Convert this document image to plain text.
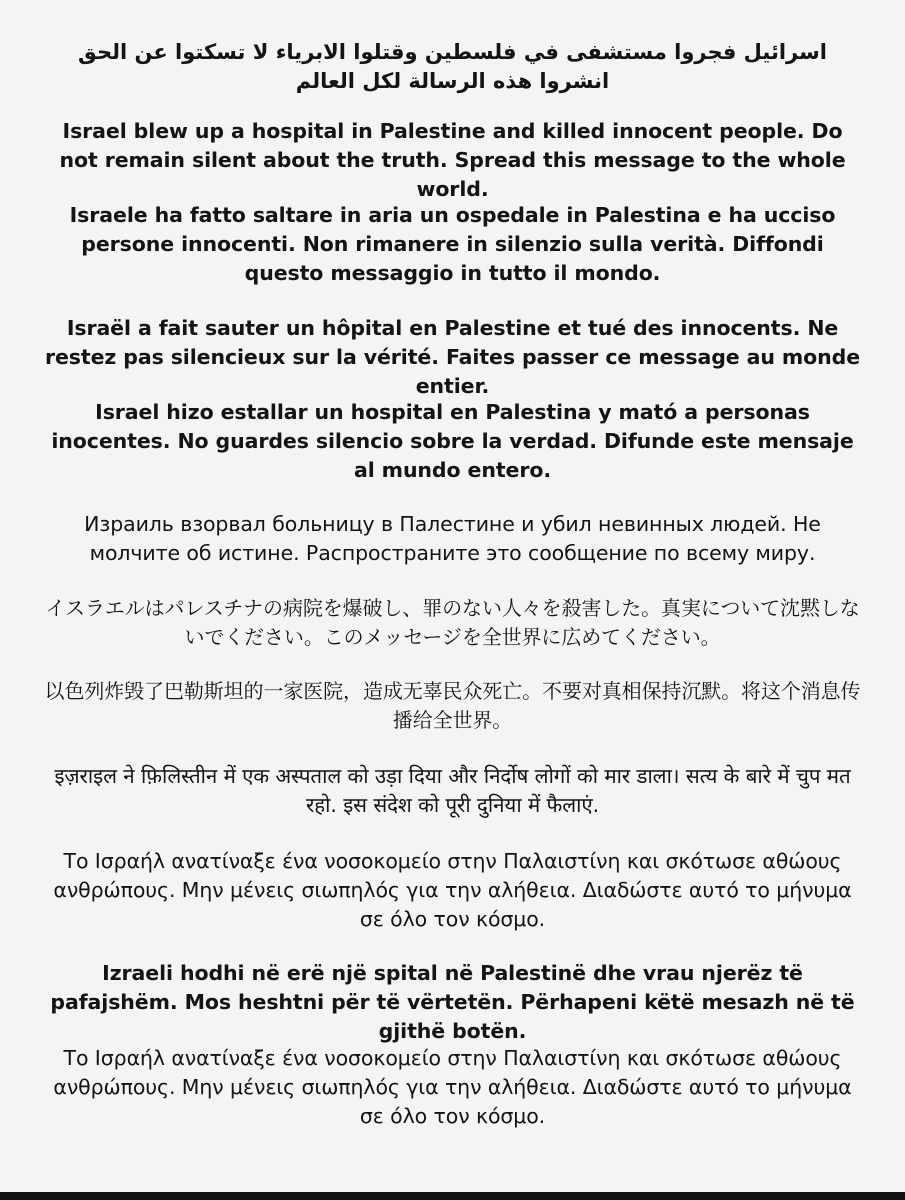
اسرائيل فجروا مستشفى في فلسطين وقتلوا الابرياء لا تسكتوا عن الحق انشروا هذه الرسالة لكل العالم

Israel blew up a hospital in Palestine and killed innocent people. Do not remain silent about the truth. Spread this message to the whole world.

Israele ha fatto saltare in aria un ospedale in Palestina e ha ucciso persone innocenti. Non rimanere in silenzio sulla verità. Diffondi questo messaggio in tutto il mondo.

Israël a fait sauter un hôpital en Palestine et tué des innocents. Ne restez pas silencieux sur la vérité. Faites passer ce message au monde entier.

Israel hizo estallar un hospital en Palestina y mató a personas inocentes. No guardes silencio sobre la verdad. Difunde este mensaje al mundo entero.

Израиль взорвал больницу в Палестине и убил невинных людей. Не молчите об истине. Распространите это сообщение по всему миру.

イスラエルはパレスチナの病院を爆破し、罪のない人々を殺害した。真実について沈黙しないでください。このメッセージを全世界に広めてください。

以色列炸毁了巴勒斯坦的一家医院，造成无辜民众死亡。不要对真相保持沉默。将这个消息传播给全世界。

इज़राइल ने फ़िलिस्तीन में एक अस्पताल को उड़ा दिया और निर्दोष लोगों को मार डाला। सत्य के बारे में चुप मत रहो. इस संदेश को पूरी दुनिया में फैलाएं.

Το Ισραήλ ανατίναξε ένα νοσοκομείο στην Παλαιστίνη και σκότωσε αθώους ανθρώπους. Μην μένεις σιωπηλός για την αλήθεια. Διαδώστε αυτό το μήνυμα σε όλο τον κόσμο.

Izraeli hodhi në erë një spital në Palestinë dhe vrau njerëz të pafajshëm. Mos heshtni për të vërtetën. Përhapeni këtë mesazh në të gjithë botën.

Το Ισραήλ ανατίναξε ένα νοσοκομείο στην Παλαιστίνη και σκότωσε αθώους ανθρώπους. Μην μένεις σιωπηλός για την αλήθεια. Διαδώστε αυτό το μήνυμα σε όλο τον κόσμο.
